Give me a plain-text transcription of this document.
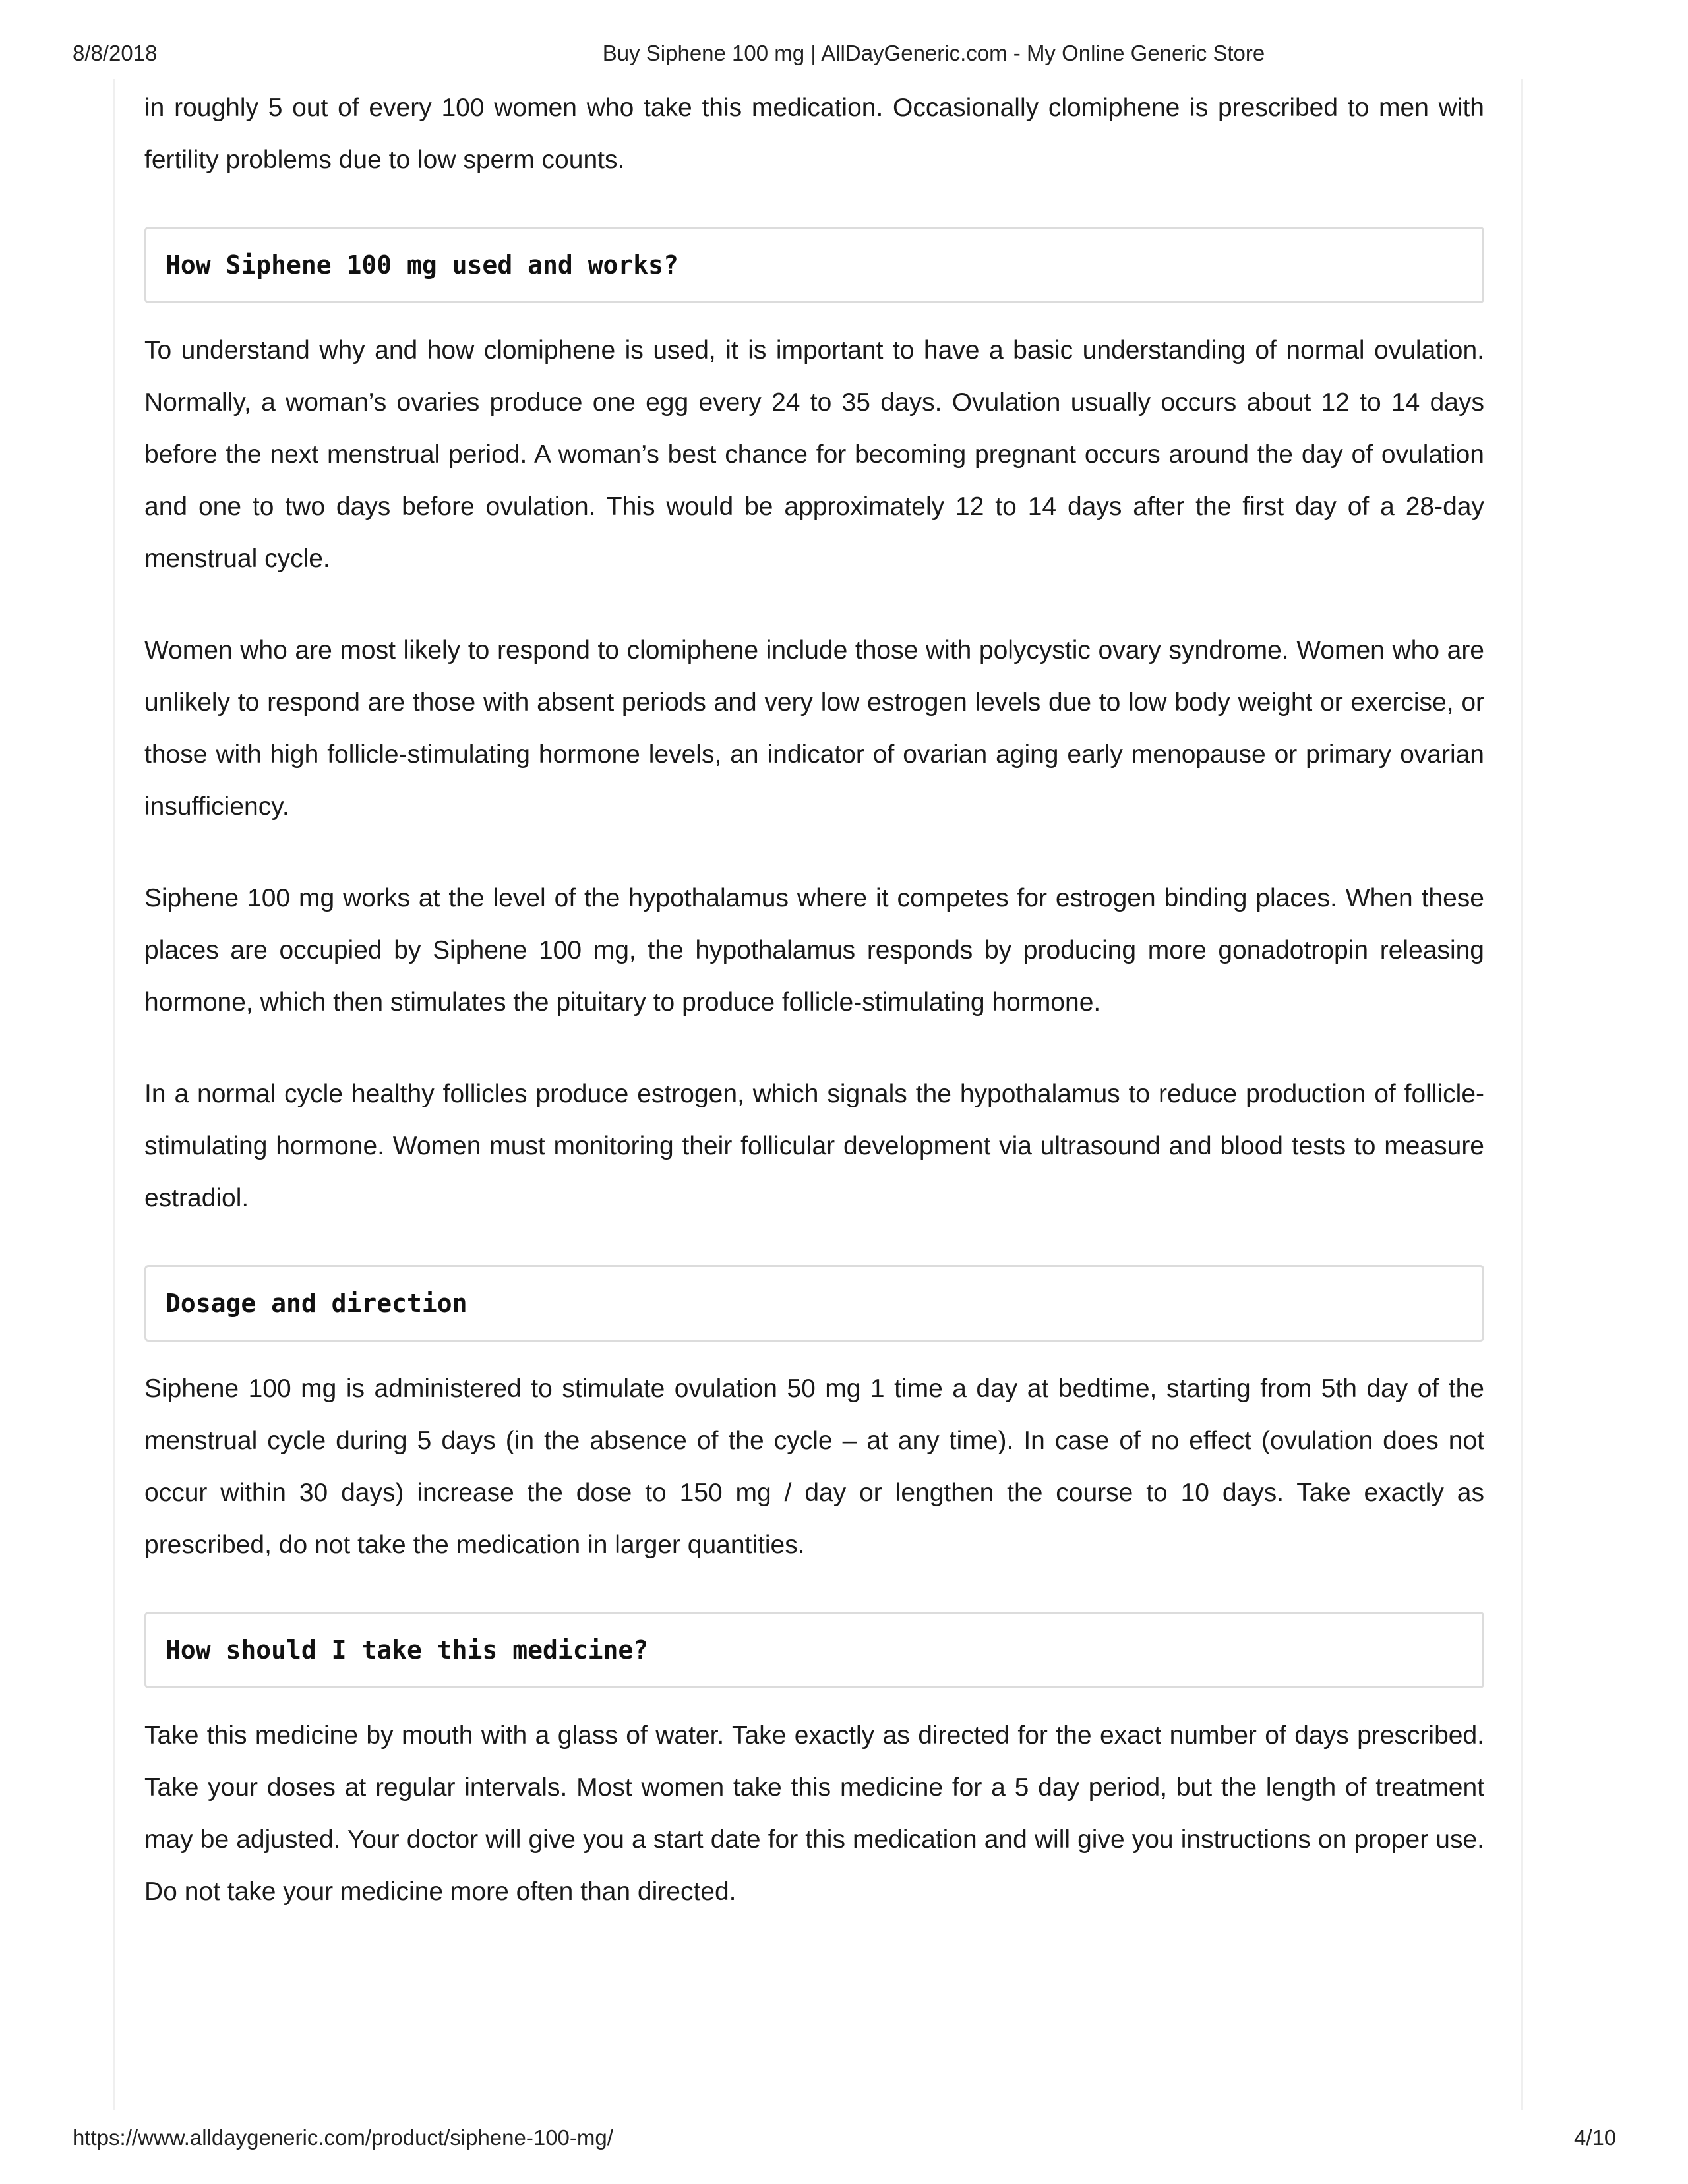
8/8/2018	Buy Siphene 100 mg | AllDayGeneric.com - My Online Generic Store

in roughly 5 out of every 100 women who take this medication. Occasionally clomiphene is prescribed to men with fertility problems due to low sperm counts.

How Siphene 100 mg used and works?

To understand why and how clomiphene is used, it is important to have a basic understanding of normal ovulation. Normally, a woman’s ovaries produce one egg every 24 to 35 days. Ovulation usually occurs about 12 to 14 days before the next menstrual period. A woman’s best chance for becoming pregnant occurs around the day of ovulation and one to two days before ovulation. This would be approximately 12 to 14 days after the first day of a 28-day menstrual cycle.

Women who are most likely to respond to clomiphene include those with polycystic ovary syndrome. Women who are unlikely to respond are those with absent periods and very low estrogen levels due to low body weight or exercise, or those with high follicle-stimulating hormone levels, an indicator of ovarian aging early menopause or primary ovarian insufficiency.

Siphene 100 mg works at the level of the hypothalamus where it competes for estrogen binding places. When these places are occupied by Siphene 100 mg, the hypothalamus responds by producing more gonadotropin releasing hormone, which then stimulates the pituitary to produce follicle-stimulating hormone.

In a normal cycle healthy follicles produce estrogen, which signals the hypothalamus to reduce production of follicle-stimulating hormone. Women must monitoring their follicular development via ultrasound and blood tests to measure estradiol.

Dosage and direction

Siphene 100 mg is administered to stimulate ovulation 50 mg 1 time a day at bedtime, starting from 5th day of the menstrual cycle during 5 days (in the absence of the cycle – at any time). In case of no effect (ovulation does not occur within 30 days) increase the dose to 150 mg / day or lengthen the course to 10 days. Take exactly as prescribed, do not take the medication in larger quantities.

How should I take this medicine?

Take this medicine by mouth with a glass of water. Take exactly as directed for the exact number of days prescribed. Take your doses at regular intervals. Most women take this medicine for a 5 day period, but the length of treatment may be adjusted. Your doctor will give you a start date for this medication and will give you instructions on proper use. Do not take your medicine more often than directed.

https://www.alldaygeneric.com/product/siphene-100-mg/	4/10
